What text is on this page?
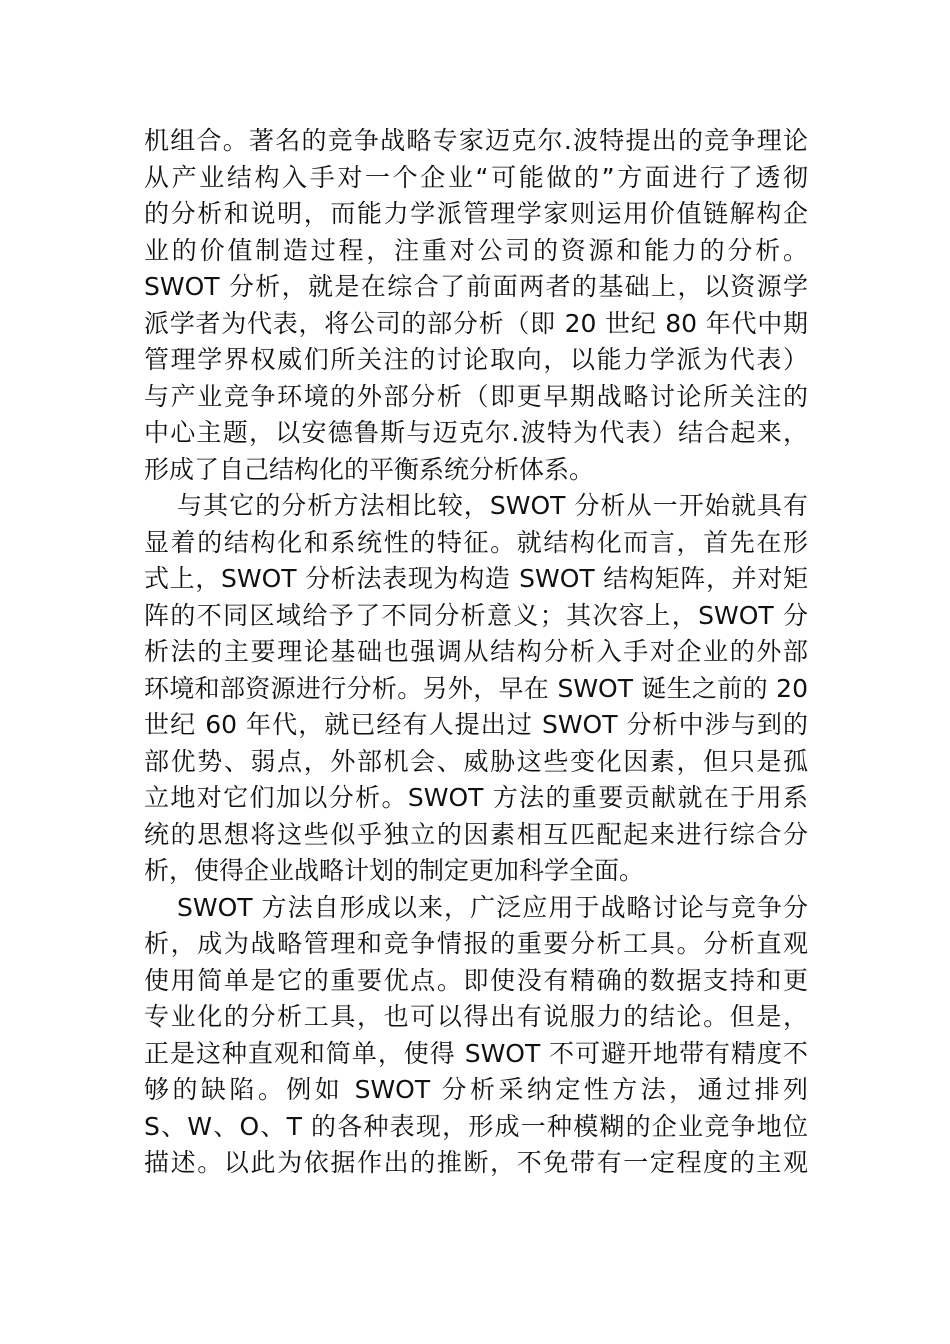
机组合。著名的竞争战略专家迈克尔.波特提出的竞争理论
从产业结构入手对一个企业“可能做的”方面进行了透彻
的分析和说明，而能力学派管理学家则运用价值链解构企
业的价值制造过程，注重对公司的资源和能力的分析。
SWOT 分析，就是在综合了前面两者的基础上，以资源学
派学者为代表，将公司的部分析（即 20 世纪 80 年代中期
管理学界权威们所关注的讨论取向，以能力学派为代表）
与产业竞争环境的外部分析（即更早期战略讨论所关注的
中心主题，以安德鲁斯与迈克尔.波特为代表）结合起来，
形成了自己结构化的平衡系统分析体系。
与其它的分析方法相比较，SWOT 分析从一开始就具有
显着的结构化和系统性的特征。就结构化而言，首先在形
式上，SWOT 分析法表现为构造 SWOT 结构矩阵，并对矩
阵的不同区域给予了不同分析意义；其次容上，SWOT 分
析法的主要理论基础也强调从结构分析入手对企业的外部
环境和部资源进行分析。另外，早在 SWOT 诞生之前的 20
世纪 60 年代，就已经有人提出过 SWOT 分析中涉与到的
部优势、弱点，外部机会、威胁这些变化因素，但只是孤
立地对它们加以分析。SWOT 方法的重要贡献就在于用系
统的思想将这些似乎独立的因素相互匹配起来进行综合分
析，使得企业战略计划的制定更加科学全面。
SWOT 方法自形成以来，广泛应用于战略讨论与竞争分
析，成为战略管理和竞争情报的重要分析工具。分析直观
使用简单是它的重要优点。即使没有精确的数据支持和更
专业化的分析工具，也可以得出有说服力的结论。但是，
正是这种直观和简单，使得 SWOT 不可避开地带有精度不
够的缺陷。例如 SWOT 分析采纳定性方法，通过排列
S、W、O、T 的各种表现，形成一种模糊的企业竞争地位
描述。以此为依据作出的推断，不免带有一定程度的主观
